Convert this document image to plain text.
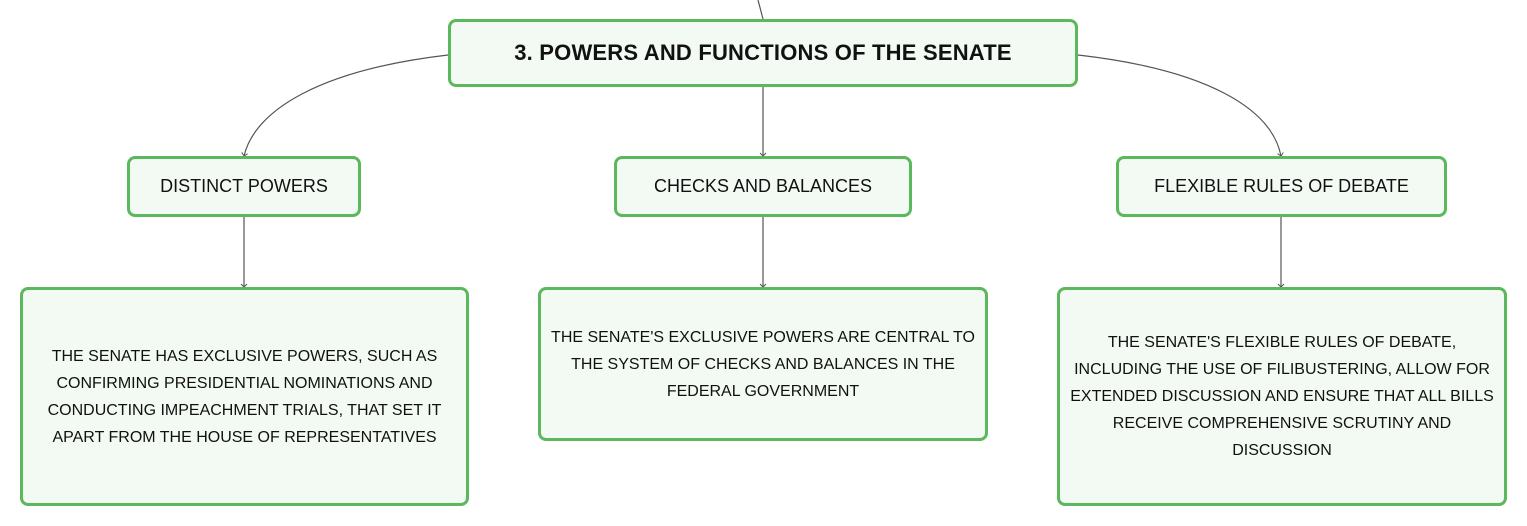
3. POWERS AND FUNCTIONS OF THE SENATE
DISTINCT POWERS	CHECKS AND BALANCES	FLEXIBLE RULES OF DEBATE
THE SENATE HAS EXCLUSIVE POWERS, SUCH AS CONFIRMING PRESIDENTIAL NOMINATIONS AND CONDUCTING IMPEACHMENT TRIALS, THAT SET IT APART FROM THE HOUSE OF REPRESENTATIVES
THE SENATE'S EXCLUSIVE POWERS ARE CENTRAL TO THE SYSTEM OF CHECKS AND BALANCES IN THE FEDERAL GOVERNMENT
THE SENATE'S FLEXIBLE RULES OF DEBATE, INCLUDING THE USE OF FILIBUSTERING, ALLOW FOR EXTENDED DISCUSSION AND ENSURE THAT ALL BILLS RECEIVE COMPREHENSIVE SCRUTINY AND DISCUSSION
